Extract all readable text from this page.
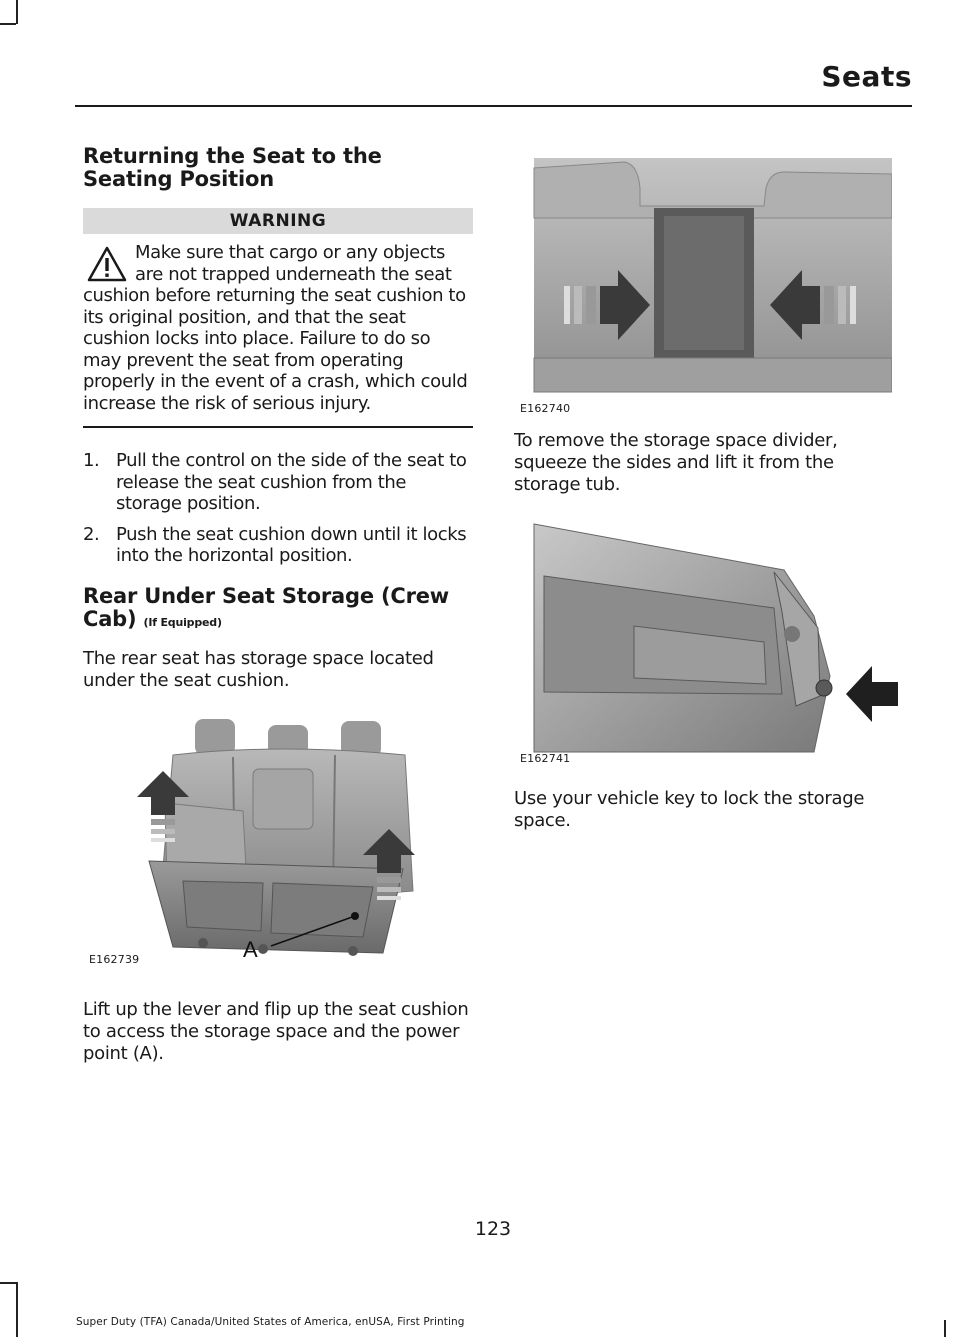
Seats
Returning the Seat to the Seating Position
WARNING
Make sure that cargo or any objects are not trapped underneath the seat cushion before returning the seat cushion to its original position, and that the seat cushion locks into place. Failure to do so may prevent the seat from operating properly in the event of a crash, which could increase the risk of serious injury.
1. Pull the control on the side of the seat to release the seat cushion from the storage position.
2. Push the seat cushion down until it locks into the horizontal position.
Rear Under Seat Storage (Crew Cab) (If Equipped)

The rear seat has storage space located under the seat cushion.

A
E162739

Lift up the lever and flip up the seat cushion to access the storage space and the power point (A).

E162740

To remove the storage space divider, squeeze the sides and lift it from the storage tub.

E162741

Use your vehicle key to lock the storage space.

123
Super Duty (TFA) Canada/United States of America, enUSA, First Printing
